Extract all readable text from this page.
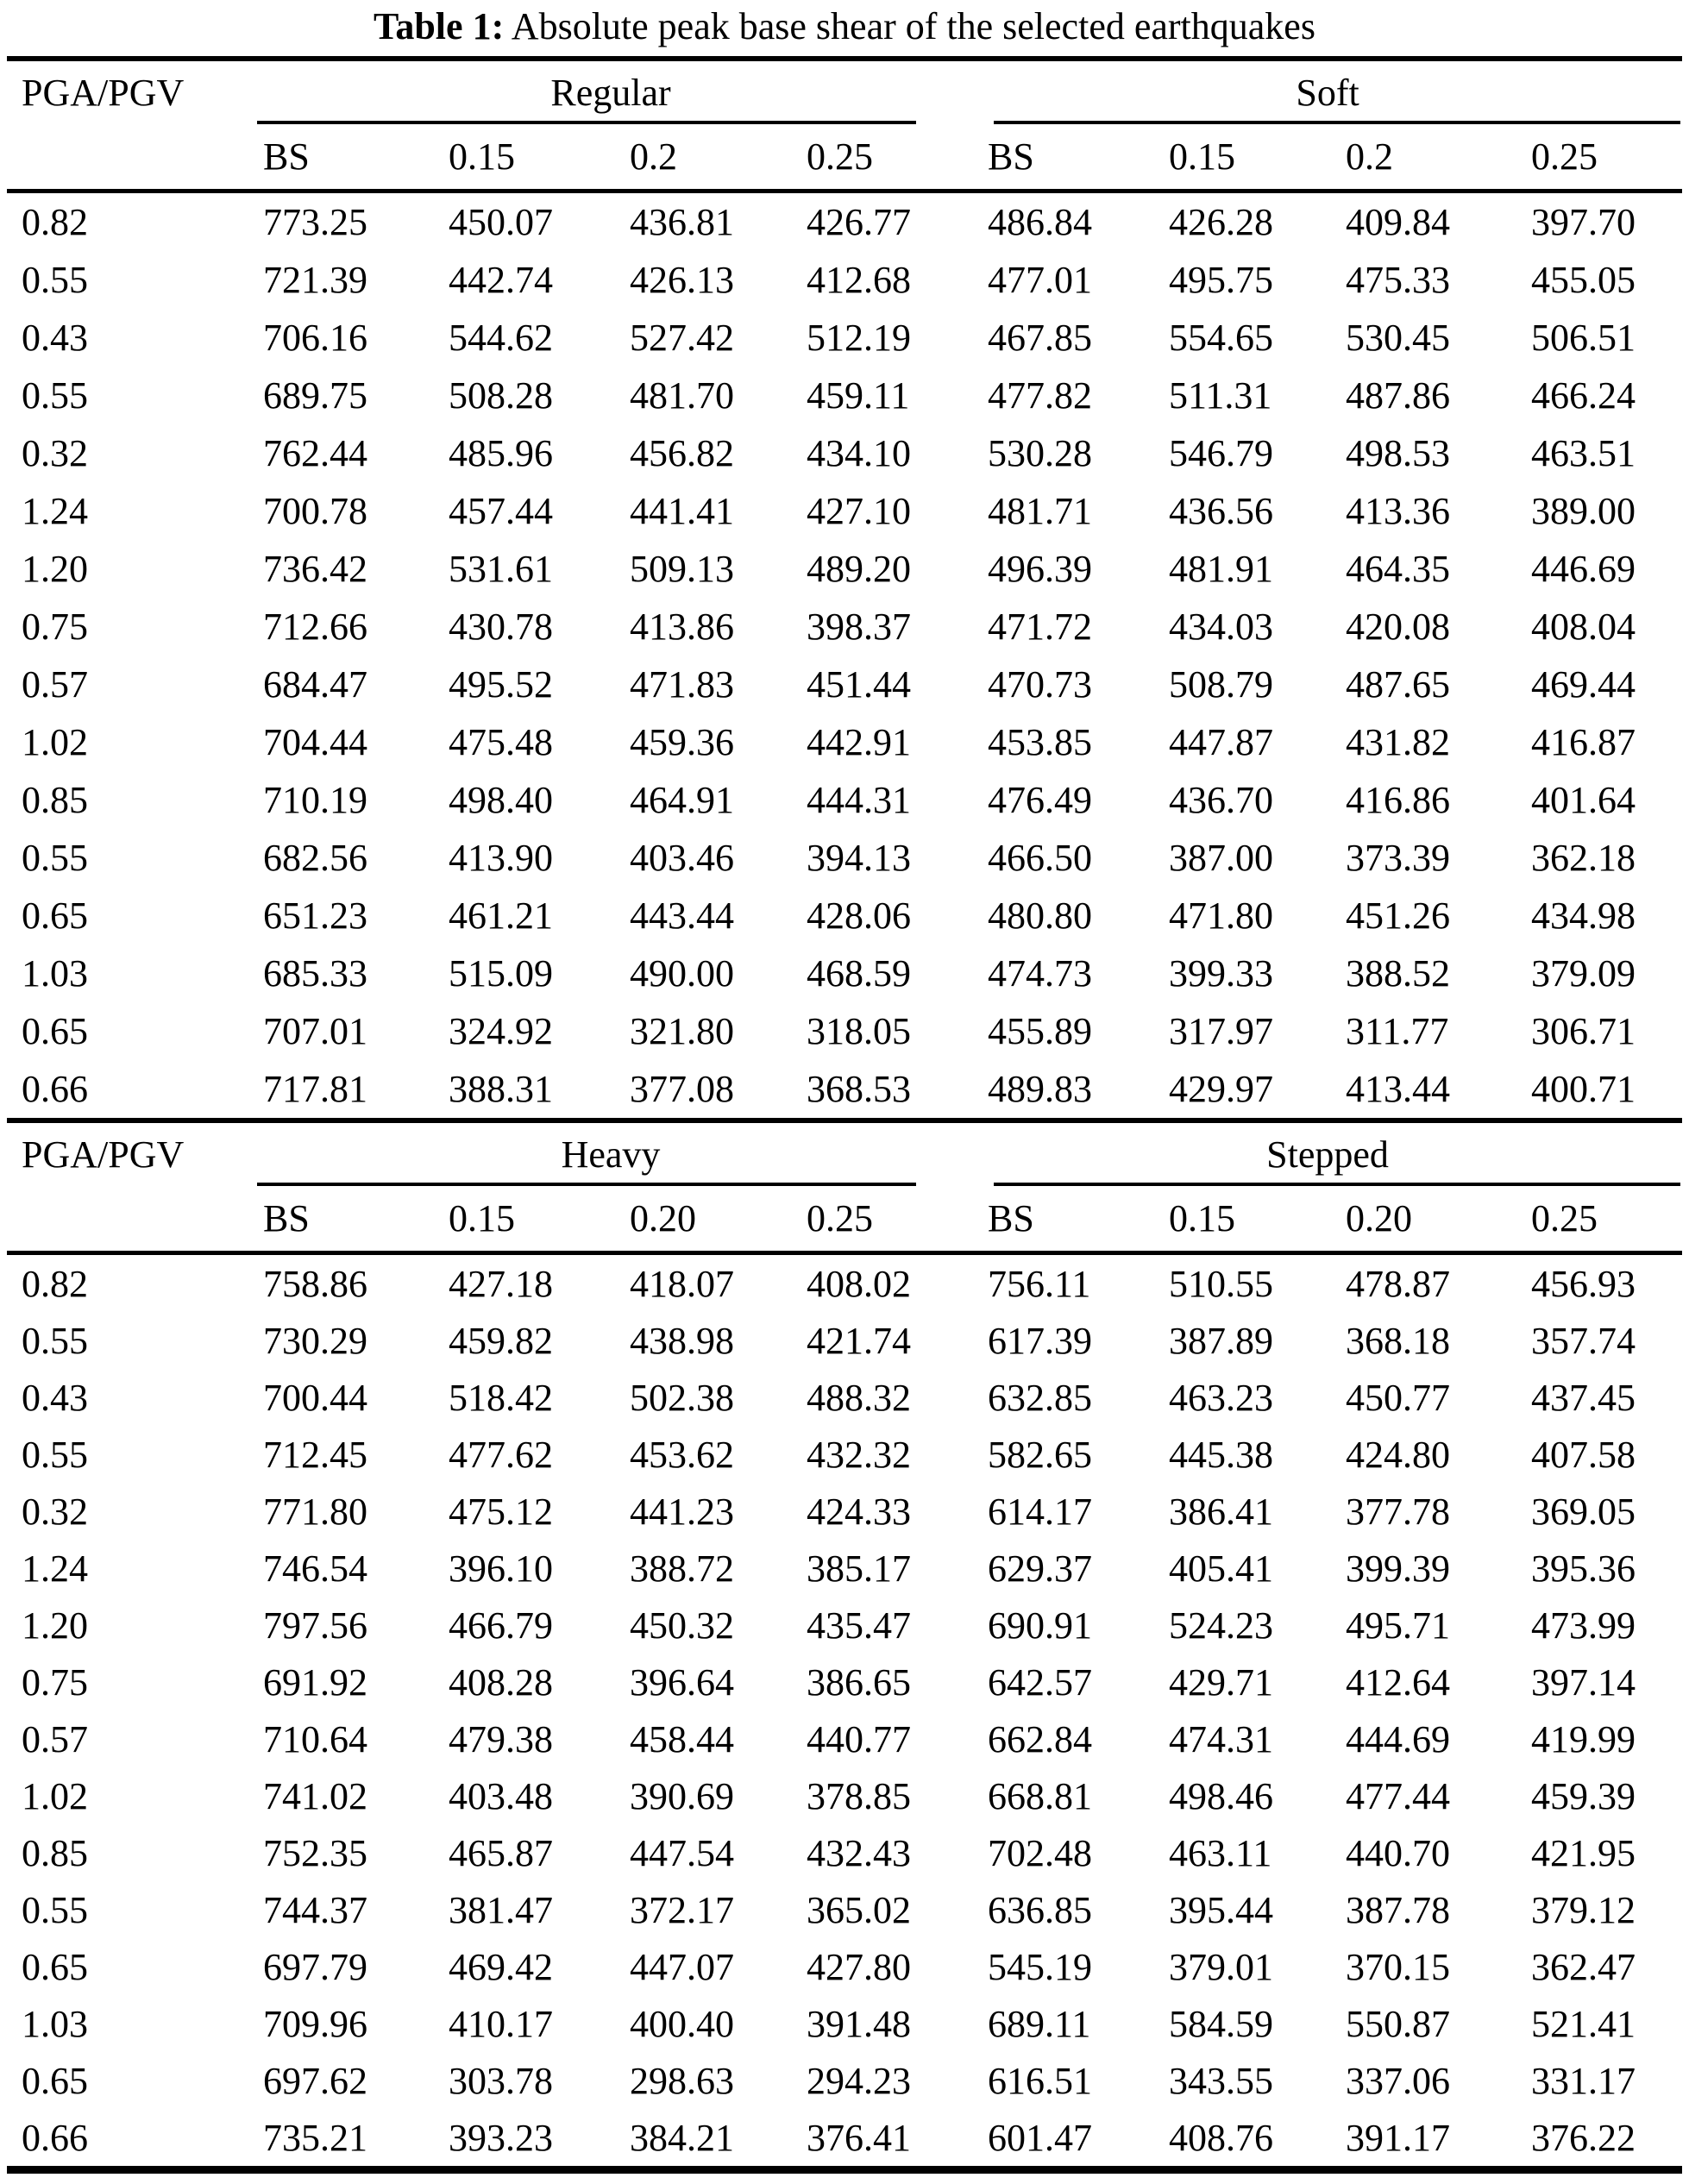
Table 1: Absolute peak base shear of the selected earthquakes
PGA/PGV	Regular				Soft			

	BS	0.15	0.2	0.25	BS	0.15	0.2	0.25
0.82	773.25	450.07	436.81	426.77	486.84	426.28	409.84	397.70
0.55	721.39	442.74	426.13	412.68	477.01	495.75	475.33	455.05
0.43	706.16	544.62	527.42	512.19	467.85	554.65	530.45	506.51
0.55	689.75	508.28	481.70	459.11	477.82	511.31	487.86	466.24
0.32	762.44	485.96	456.82	434.10	530.28	546.79	498.53	463.51
1.24	700.78	457.44	441.41	427.10	481.71	436.56	413.36	389.00
1.20	736.42	531.61	509.13	489.20	496.39	481.91	464.35	446.69
0.75	712.66	430.78	413.86	398.37	471.72	434.03	420.08	408.04
0.57	684.47	495.52	471.83	451.44	470.73	508.79	487.65	469.44
1.02	704.44	475.48	459.36	442.91	453.85	447.87	431.82	416.87
0.85	710.19	498.40	464.91	444.31	476.49	436.70	416.86	401.64
0.55	682.56	413.90	403.46	394.13	466.50	387.00	373.39	362.18
0.65	651.23	461.21	443.44	428.06	480.80	471.80	451.26	434.98
1.03	685.33	515.09	490.00	468.59	474.73	399.33	388.52	379.09
0.65	707.01	324.92	321.80	318.05	455.89	317.97	311.77	306.71
0.66	717.81	388.31	377.08	368.53	489.83	429.97	413.44	400.71
PGA/PGV	Heavy				Stepped			

	BS	0.15	0.20	0.25	BS	0.15	0.20	0.25
0.82	758.86	427.18	418.07	408.02	756.11	510.55	478.87	456.93
0.55	730.29	459.82	438.98	421.74	617.39	387.89	368.18	357.74
0.43	700.44	518.42	502.38	488.32	632.85	463.23	450.77	437.45
0.55	712.45	477.62	453.62	432.32	582.65	445.38	424.80	407.58
0.32	771.80	475.12	441.23	424.33	614.17	386.41	377.78	369.05
1.24	746.54	396.10	388.72	385.17	629.37	405.41	399.39	395.36
1.20	797.56	466.79	450.32	435.47	690.91	524.23	495.71	473.99
0.75	691.92	408.28	396.64	386.65	642.57	429.71	412.64	397.14
0.57	710.64	479.38	458.44	440.77	662.84	474.31	444.69	419.99
1.02	741.02	403.48	390.69	378.85	668.81	498.46	477.44	459.39
0.85	752.35	465.87	447.54	432.43	702.48	463.11	440.70	421.95
0.55	744.37	381.47	372.17	365.02	636.85	395.44	387.78	379.12
0.65	697.79	469.42	447.07	427.80	545.19	379.01	370.15	362.47
1.03	709.96	410.17	400.40	391.48	689.11	584.59	550.87	521.41
0.65	697.62	303.78	298.63	294.23	616.51	343.55	337.06	331.17
0.66	735.21	393.23	384.21	376.41	601.47	408.76	391.17	376.22
